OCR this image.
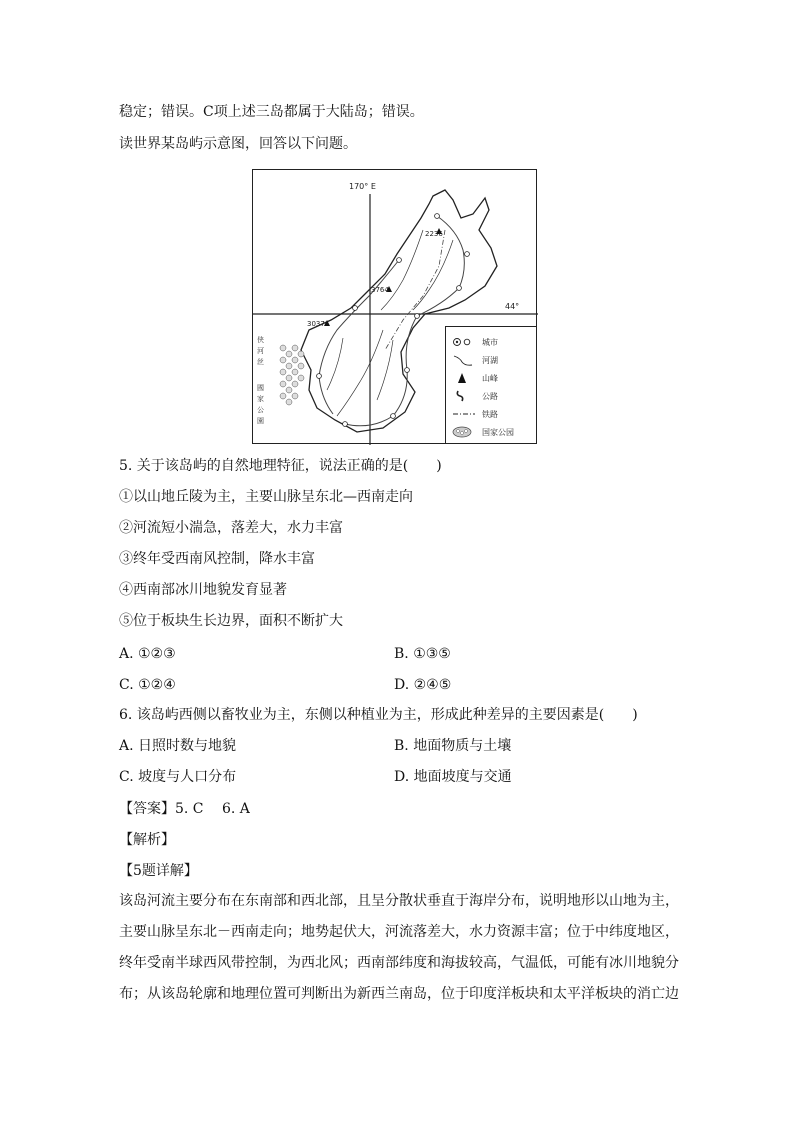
稳定；错误。C项上述三岛都属于大陆岛；错误。
读世界某岛屿示意图，回答以下问题。
170° E
44°
2236
3764
3037
侠河丝
國家公園
城市
河湖
山峰
公路
铁路
国家公园
5. 关于该岛屿的自然地理特征，说法正确的是(　　)
①以山地丘陵为主，主要山脉呈东北—西南走向
②河流短小湍急，落差大，水力丰富
③终年受西南风控制，降水丰富
④西南部冰川地貌发育显著
⑤位于板块生长边界，面积不断扩大
A. ①②③	B. ①③⑤
C. ①②④	D. ②④⑤
6. 该岛屿西侧以畜牧业为主，东侧以种植业为主，形成此种差异的主要因素是(　　)
A. 日照时数与地貌	B. 地面物质与土壤
C. 坡度与人口分布	D. 地面坡度与交通
【答案】5. C　 6. A
【解析】
【5题详解】
该岛河流主要分布在东南部和西北部，且呈分散状垂直于海岸分布，说明地形以山地为主，主要山脉呈东北－西南走向；地势起伏大，河流落差大，水力资源丰富；位于中纬度地区，终年受南半球西风带控制，为西北风；西南部纬度和海拔较高，气温低，可能有冰川地貌分布；从该岛轮廓和地理位置可判断出为新西兰南岛，位于印度洋板块和太平洋板块的消亡边
